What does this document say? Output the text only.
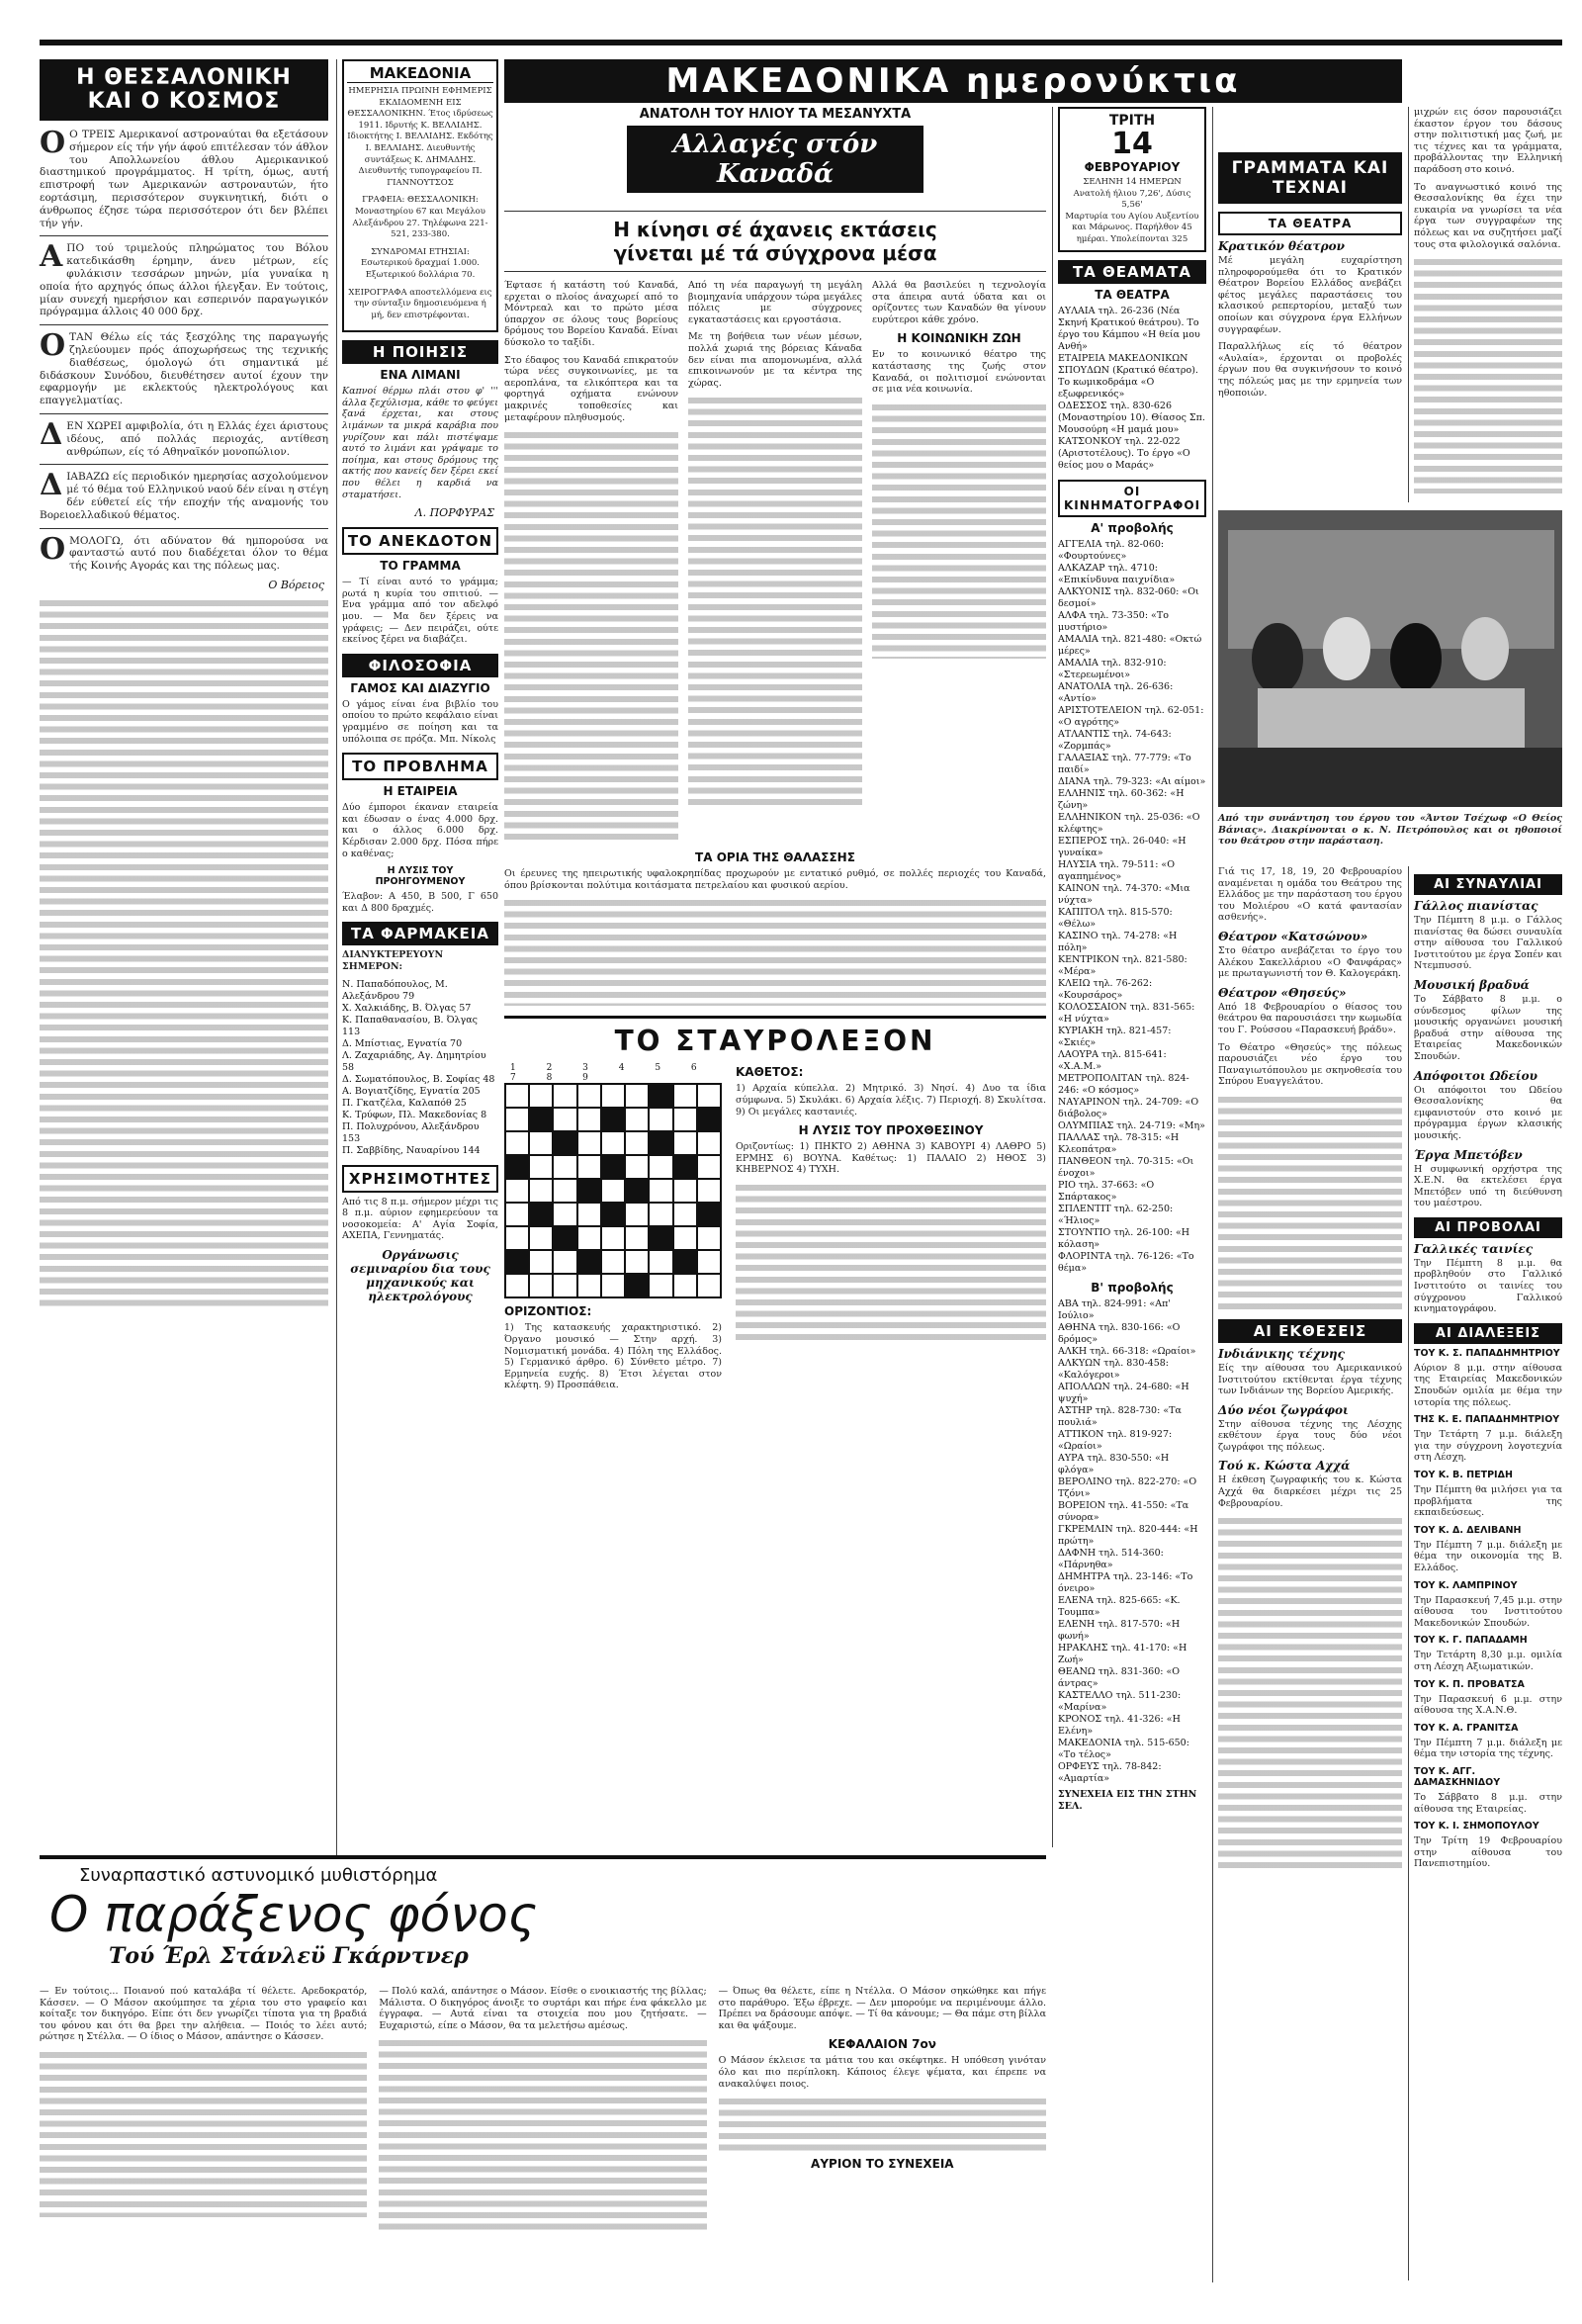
Η ΘΕΣΣΑΛΟΝΙΚΗ
ΚΑΙ Ο ΚΟΣΜΟΣ

Ο Ο ΤΡΕΙΣ Αμερικανοί αστροναύται θα εξετάσουν σήμερον είς τήν γήν άφού επιτέλεσαν τόν άθλον του Απολλωνείου άθλου Αμερικανικού διαστημικού προγράμματος. Η τρίτη, όμως, αυτή επιστροφή των Αμερικανών αστροναυτών, ήτο εορτάσιμη, περισσότερον συγκινητική, διότι ο άνθρωπος έζησε τώρα περισσότερον ότι δεν βλέπει τήν γήν.

ΑΠΟ τού τριμελούς πληρώματος του Βόλου κατεδικάσθη έρημην, άνευ μέτρων, είς φυλάκισιν τεσσάρων μηνών, μία γυναίκα η οποία ήτο αρχηγός όπως άλλοι ήλεγξαν. Εν τούτοις, μίαν συνεχή ημερήσιον και εσπερινόν παραγωγικόν πρόγραμμα άλλοις 40 000 δρχ.

ΟΤΑΝ Θέλω είς τάς ξεσχόλης της παραγωγής ζηλεύουμεν πρός άποχωρήσεως της τεχνικής διαθέσεως, όμολογώ ότι σημαντικά μέ διδάσκουν Συνόδου, διευθέτησεν αυτοί έχουν την εφαρμογήν με εκλεκτούς ηλεκτρολόγους και επαγγελματίας.

ΔΕΝ ΧΩΡΕΙ αμφιβολία, ότι η Ελλάς έχει άριστους ιδέους, από πολλάς περιοχάς, αντίθεση ανθρώπων, είς τό Αθηναϊκόν μονοπώλιον.

ΔΙΑΒΑΖΩ είς περιοδικόν ημερησίας ασχολούμενον μέ τό θέμα τού Ελληνικού ναού δέν είναι η στέγη δέν εύθετεί είς τήν εποχήν τής αναμονής του Βορειοελλαδικού θέματος.

ΟΜΟΛΟΓΩ, ότι αδύνατον θά ημπορούσα να φανταστώ αυτό που διαδέχεται όλον το θέμα τής Κοινής Αγοράς και της πόλεως μας.

Ο Βόρειος
ΜΑΚΕΔΟΝΙΑ

ΗΜΕΡΗΣΙΑ ΠΡΩΙΝΗ ΕΦΗΜΕΡΙΣ ΕΚΔΙΔΟΜΕΝΗ ΕΙΣ ΘΕΣΣΑΛΟΝΙΚΗΝ. Έτος ιδρύσεως 1911. Ιδρυτής Κ. ΒΕΛΛΙΔΗΣ. Ιδιοκτήτης Ι. ΒΕΛΛΙΔΗΣ. Εκδότης Ι. ΒΕΛΛΙΔΗΣ. Διευθυντής συντάξεως Κ. ΔΗΜΑΔΗΣ. Διευθυντής τυπογραφείου Π. ΓΙΑΝΝΟΥΤΣΟΣ

ΓΡΑΦΕΙΑ: ΘΕΣΣΑΛΟΝΙΚΗ: Μοναστηρίου 67 και Μεγάλου Αλεξάνδρου 27. Τηλέφωνα 221-521, 233-380.

ΣΥΝΔΡΟΜΑΙ ΕΤΗΣΙΑΙ: Εσωτερικού δραχμαί 1.000. Εξωτερικού δολλάρια 70.

ΧΕΙΡΟΓΡΑΦΑ αποστελλόμενα εις την σύνταξιν δημοσιευόμενα ή μή, δεν επιστρέφονται.

Η ΠΟΙΗΣΙΣ
ΕΝΑ ΛΙΜΑΝΙ

Καπνοί θέρμω πλάι στου φ' ''' άλλα ξεχύλισμα, κάθε το φεύγει ξανά έρχεται, και στους λιμάνων τα μικρά καράβια που γυρίζουν και πάλι πιστέψαμε αυτό το λιμάνι και γράψαμε το ποίημα, και στους δρόμους της ακτής που κανείς δεν ξέρει εκεί που θέλει η καρδιά να σταματήσει.

Λ. ΠΟΡΦΥΡΑΣ
ΤΟ ΑΝΕΚΔΟΤΟΝ
ΤΟ ΓΡΑΜΜΑ

— Τί είναι αυτό το γράμμα; ρωτά η κυρία του σπιτιού. — Ενα γράμμα από τον αδελφό μου. — Μα δεν ξέρεις να γράφεις; — Δεν πειράζει, ούτε εκείνος ξέρει να διαβάζει.

ΦΙΛΟΣΟΦΙΑ
ΓΑΜΟΣ ΚΑΙ ΔΙΑΖΥΓΙΟ

Ο γάμος είναι ένα βιβλίο του οποίου το πρώτο κεφάλαιο είναι γραμμένο σε ποίηση και τα υπόλοιπα σε πρόζα. Μπ. Νίκολς

ΤΟ ΠΡΟΒΛΗΜΑ
Η ΕΤΑΙΡΕΙΑ

Δύο έμποροι έκαναν εταιρεία και έδωσαν ο ένας 4.000 δρχ. και ο άλλος 6.000 δρχ. Κέρδισαν 2.000 δρχ. Πόσα πήρε ο καθένας;

Η ΛΥΣΙΣ ΤΟΥ ΠΡΟΗΓΟΥΜΕΝΟΥ

Έλαβον: Α 450, Β 500, Γ 650 και Δ 800 δραχμές.

ΤΑ ΦΑΡΜΑΚΕΙΑ

ΔΙΑΝΥΚΤΕΡΕΥΟΥΝ ΣΗΜΕΡΟΝ:

Ν. Παπαδόπουλος, Μ. Αλεξάνδρου 79

Χ. Χαλκιάδης, Β. Όλγας 57

Κ. Παπαθανασίου, Β. Όλγας 113

Δ. Μπίστιας, Εγνατία 70

Λ. Ζαχαριάδης, Αγ. Δημητρίου 58

Δ. Σωματόπουλος, Β. Σοφίας 48

Α. Βογιατζίδης, Εγνατία 205

Π. Γκατζέλα, Καλαπόθ 25

Κ. Τρύφων, Πλ. Μακεδονίας 8

Π. Πολυχρόνου, Αλεξάνδρου 153

Π. Σαββίδης, Ναυαρίνου 144

ΧΡΗΣΙΜΟΤΗΤΕΣ

Από τις 8 π.μ. σήμερον μέχρι τις 8 π.μ. αύριον εφημερεύουν τα νοσοκομεία: Α' Αγία Σοφία, ΑΧΕΠΑ, Γεννηματάς.

Οργάνωσις σεμιναρίου δια τους μηχανικούς και ηλεκτρολόγους
ΜΑΚΕΔΟΝΙΚΑ ημερονύκτια
ΑΝΑΤΟΛΗ ΤΟΥ ΗΛΙΟΥ ΤΑ ΜΕΣΑΝΥΧΤΑ
Αλλαγές στόν Καναδά
Η κίνησι σέ άχανεις εκτάσεις
γίνεται μέ τά σύγχρονα μέσα

Έφτασε ή κατάστη τού Καναδά, ερχεται ο πλοίος άναχωρεί από το Μόντρεαλ και το πρώτο μέσα ύπαρχον σε όλους τους βορείους δρόμους του Βορείου Καναδά. Είναι δύσκολο το ταξίδι.

Στο έδαφος του Καναδά επικρατούν τώρα νέες συγκοινωνίες, με τα αεροπλάνα, τα ελικόπτερα και τα φορτηγά οχήματα ενώνουν μακρινές τοποθεσίες και μεταφέρουν πληθυσμούς.

Από τη νέα παραγωγή τη μεγάλη βιομηχανία υπάρχουν τώρα μεγάλες πόλεις με σύγχρονες εγκαταστάσεις και εργοστάσια.

Με τη βοήθεια των νέων μέσων, πολλά χωριά της βόρειας Κάναδα δεν είναι πια απομονωμένα, αλλά επικοινωνούν με τα κέντρα της χώρας.

Αλλά θα βασιλεύει η τεχνολογία στα άπειρα αυτά ύδατα και οι ορίζοντες των Καναδών θα γίνουν ευρύτεροι κάθε χρόνο.

Η ΚΟΙΝΩΝΙΚΗ ΖΩΗ

Εν το κοινωνικό θέατρο της κατάστασης της ζωής στον Καναδά, οι πολιτισμοί ενώνονται σε μια νέα κοινωνία.

ΤΑ ΟΡΙΑ ΤΗΣ ΘΑΛΑΣΣΗΣ

Οι έρευνες της ηπειρωτικής υφαλοκρηπίδας προχωρούν με εντατικό ρυθμό, σε πολλές περιοχές του Καναδά, όπου βρίσκονται πολύτιμα κοιτάσματα πετρελαίου και φυσικού αερίου.

ΤΟ ΣΤΑΥΡΟΛΕΞΟΝ
1 2 3 4 5 6 7 8 9
ΟΡΙΖΟΝΤΙΟΣ:

1) Της κατασκευής χαρακτηριστικό. 2) Όργανο μουσικό — Στην αρχή. 3) Νομισματική μονάδα. 4) Πόλη της Ελλάδος. 5) Γερμανικό άρθρο. 6) Σύνθετο μέτρο. 7) Ερμηνεία ευχής. 8) Έτσι λέγεται στον κλέφτη. 9) Προσπάθεια.

ΚΑΘΕΤΟΣ:

1) Αρχαία κύπελλα. 2) Μητρικό. 3) Νησί. 4) Δυο τα ίδια σύμφωνα. 5) Σκυλάκι. 6) Αρχαία λέξις. 7) Περιοχή. 8) Σκυλίτσα. 9) Οι μεγάλες καστανιές.

Η ΛΥΣΙΣ ΤΟΥ ΠΡΟΧΘΕΣΙΝΟΥ

Οριζοντίως: 1) ΠΗΚΤΟ 2) ΑΘΗΝΑ 3) ΚΑΒΟΥΡΙ 4) ΛΑΘΡΟ 5) ΕΡΜΗΣ 6) ΒΟΥΝΑ. Καθέτως: 1) ΠΑΛΑΙΟ 2) ΗΘΟΣ 3) ΚΗΒΕΡΝΟΣ 4) ΤΥΧΗ.

ΤΡΙΤΗ
14
ΦΕΒΡΟΥΑΡΙΟΥ

ΣΕΛΗΝΗ 14 ΗΜΕΡΩΝ

Ανατολή ήλιου 7,26', Δύσις 5,56'

Μαρτυρία του Αγίου Αυξεντίου και Μάρωνος. Παρήλθον 45 ημέραι. Υπολείπονται 325

ΤΑ ΘΕΑΜΑΤΑ
ΤΑ ΘΕΑΤΡΑ

ΑΥΛΑΙΑ τηλ. 26-236 (Νέα Σκηνή Κρατικού θεάτρου). Το έργο του Κάμπου «Η θεία μου Ανθή»

ΕΤΑΙΡΕΙΑ ΜΑΚΕΔΟΝΙΚΩΝ ΣΠΟΥΔΩΝ (Κρατικό θέατρο). Το κωμικοδράμα «Ο εξωφρενικός»

ΟΔΕΣΣΟΣ τηλ. 830-626 (Μοναστηρίου 10). Θίασος Σπ. Μουσούρη «Η μαμά μου»

ΚΑΤΣΟΝΚΟΥ τηλ. 22-022 (Αριστοτέλους). Το έργο «Ο θείος μου ο Μαράς»

ΟΙ ΚΙΝΗΜΑΤΟΓΡΑΦΟΙ
Α' προβολής

ΑΓΓΕΛΙΑ τηλ. 82-060: «Φουρτούνες»

ΑΛΚΑΖΑΡ τηλ. 4710: «Επικίνδυνα παιχνίδια»

ΑΛΚΥΟΝΙΣ τηλ. 832-060: «Οι δεσμοί»

ΑΛΦΑ τηλ. 73-350: «Το μυστήριο»

ΑΜΑΛΙΑ τηλ. 821-480: «Οκτώ μέρες»

ΑΜΑΛΙΑ τηλ. 832-910: «Στερεωμένοι»

ΑΝΑΤΟΛΙΑ τηλ. 26-636: «Αντίο»

ΑΡΙΣΤΟΤΕΛΕΙΟΝ τηλ. 62-051: «Ο αγρότης»

ΑΤΛΑΝΤΙΣ τηλ. 74-643: «Ζορμπάς»

ΓΑΛΑΞΙΑΣ τηλ. 77-779: «Το παιδί»

ΔΙΑΝΑ τηλ. 79-323: «Αι αίμοι»

ΕΛΛΗΝΙΣ τηλ. 60-362: «Η ζώνη»

ΕΛΛΗΝΙΚΟΝ τηλ. 25-036: «Ο κλέφτης»

ΕΣΠΕΡΟΣ τηλ. 26-040: «Η γυναίκα»

ΗΛΥΣΙΑ τηλ. 79-511: «Ο αγαπημένος»

ΚΑΙΝΟΝ τηλ. 74-370: «Μια νύχτα»

ΚΑΠΙΤΟΛ τηλ. 815-570: «Θέλω»

ΚΑΣΙΝΟ τηλ. 74-278: «Η πόλη»

ΚΕΝΤΡΙΚΟΝ τηλ. 821-580: «Μέρα»

ΚΛΕΙΩ τηλ. 76-262: «Κουρσάρος»

ΚΟΛΟΣΣΑΙΟΝ τηλ. 831-565: «Η νύχτα»

ΚΥΡΙΑΚΗ τηλ. 821-457: «Σκιές»

ΛΑΟΥΡΑ τηλ. 815-641: «Χ.Α.Μ.»

ΜΕΤΡΟΠΟΛΙΤΑΝ τηλ. 824-246: «Ο κόσμος»

ΝΑΥΑΡΙΝΟΝ τηλ. 24-709: «Ο διάβολος»

ΟΛΥΜΠΙΑΣ τηλ. 24-719: «Μη»

ΠΑΛΛΑΣ τηλ. 78-315: «Η Κλεοπάτρα»

ΠΑΝΘΕΟΝ τηλ. 70-315: «Οι ένοχοι»

ΡΙΟ τηλ. 37-663: «Ο Σπάρτακος»

ΣΠΛΕΝΤΙΤ τηλ. 62-250: «Ήλιος»

ΣΤΟΥΝΤΙΟ τηλ. 26-100: «Η κόλαση»

ΦΛΟΡΙΝΤΑ τηλ. 76-126: «Το θέμα»

Β' προβολής

ΑΒΑ τηλ. 824-991: «Απ' Ιούλιο»

ΑΘΗΝΑ τηλ. 830-166: «Ο δρόμος»

ΑΛΚΗ τηλ. 66-318: «Ωραίοι»

ΑΛΚΥΩΝ τηλ. 830-458: «Καλόγεροι»

ΑΠΟΛΛΩΝ τηλ. 24-680: «Η ψυχή»

ΑΣΤΗΡ τηλ. 828-730: «Τα πουλιά»

ΑΤΤΙΚΟΝ τηλ. 819-927: «Ωραίοι»

ΑΥΡΑ τηλ. 830-550: «Η φλόγα»

ΒΕΡΟΛΙΝΟ τηλ. 822-270: «Ο Τζόνι»

ΒΟΡΕΙΟΝ τηλ. 41-550: «Τα σύνορα»

ΓΚΡΕΜΛΙΝ τηλ. 820-444: «Η πρώτη»

ΔΑΦΝΗ τηλ. 514-360: «Πάρνηθα»

ΔΗΜΗΤΡΑ τηλ. 23-146: «Το όνειρο»

ΕΛΕΝΑ τηλ. 825-665: «Κ. Τουμπα»

ΕΛΕΝΗ τηλ. 817-570: «Η φωνή»

ΗΡΑΚΛΗΣ τηλ. 41-170: «Η Ζωή»

ΘΕΑΝΩ τηλ. 831-360: «Ο άντρας»

ΚΑΣΤΕΛΛΟ τηλ. 511-230: «Μαρίνα»

ΚΡΟΝΟΣ τηλ. 41-326: «Η Ελένη»

ΜΑΚΕΔΟΝΙΑ τηλ. 515-650: «Το τέλος»

ΟΡΦΕΥΣ τηλ. 78-842: «Αμαρτία»

ΣΥΝΕΧΕΙΑ ΕΙΣ ΤΗΝ ΣΤΗΝ ΣΕΛ.

ΓΡΑΜΜΑΤΑ ΚΑΙ ΤΕΧΝΑΙ
ΤΑ ΘΕΑΤΡΑ
Κρατικόν θέατρον

Μέ μεγάλη ευχαρίστηση πληροφορούμεθα ότι το Κρατικόν Θέατρον Βορείου Ελλάδος ανεβάζει φέτος μεγάλες παραστάσεις του κλασικού ρεπερτορίου, μεταξύ των οποίων και σύγχρονα έργα Ελλήνων συγγραφέων.

Παραλλήλως είς τό θέατρον «Αυλαία», έρχονται οι προβολές έργων που θα συγκινήσουν το κοινό της πόλεώς μας με την ερμηνεία των ηθοποιών.

Από την συνάντηση του έργου του «Άντον Τσέχωφ «Ο Θείος Βάνιας». Διακρίνονται ο κ. Ν. Πετρόπουλος και οι ηθοποιοί του θεάτρου στην παράσταση.

Γιά τις 17, 18, 19, 20 Φεβρουαρίου αναμένεται η ομάδα του Θεάτρου της Ελλάδος με την παράσταση του έργου του Μολιέρου «Ο κατά φαντασίαν ασθενής».

Θέατρον «Κατσώνου»

Στο θέατρο ανεβάζεται το έργο του Αλέκου Σακελλάριου «Ο Φανφάρας» με πρωταγωνιστή τον Θ. Καλογεράκη.

Θέατρον «Θησεύς»

Από 18 Φεβρουαρίου ο θίασος του θεάτρου θα παρουσιάσει την κωμωδία του Γ. Ρούσσου «Παρασκευή βράδυ».

Το Θέατρο «Θησεύς» της πόλεως παρουσιάζει νέο έργο του Παναγιωτόπουλου με σκηνοθεσία του Σπύρου Ευαγγελάτου.

ΑΙ ΕΚΘΕΣΕΙΣ
Ινδιάνικης τέχνης

Είς την αίθουσα του Αμερικανικού Ινστιτούτου εκτίθενται έργα τέχνης των Ινδιάνων της Βορείου Αμερικής.

Δύο νέοι ζωγράφοι

Στην αίθουσα τέχνης της Λέσχης εκθέτουν έργα τους δύο νέοι ζωγράφοι της πόλεως.

Τού κ. Κώστα Αχχά

Η έκθεση ζωγραφικής του κ. Κώστα Αχχά θα διαρκέσει μέχρι τις 25 Φεβρουαρίου.

μιχρών εις όσον παρουσιάζει έκαστον έργον του δάσους στην πολιτιστική μας ζωή, με τις τέχνες και τα γράμματα, προβάλλοντας την Ελληνική παράδοση στο κοινό.

Το αναγνωστικό κοινό της Θεσσαλονίκης θα έχει την ευκαιρία να γνωρίσει τα νέα έργα των συγγραφέων της πόλεως και να συζητήσει μαζί τους στα φιλολογικά σαλόνια.

ΑΙ ΣΥΝΑΥΛΙΑΙ
Γάλλος πιανίστας

Την Πέμπτη 8 μ.μ. ο Γάλλος πιανίστας θα δώσει συναυλία στην αίθουσα του Γαλλικού Ινστιτούτου με έργα Σοπέν και Ντεμπυσσύ.

Μουσική βραδυά

Το Σάββατο 8 μ.μ. ο σύνδεσμος φίλων της μουσικής οργανώνει μουσική βραδυά στην αίθουσα της Εταιρείας Μακεδονικών Σπουδών.

Απόφοιτοι Ωδείου

Οι απόφοιτοι του Ωδείου Θεσσαλονίκης θα εμφανιστούν στο κοινό με πρόγραμμα έργων κλασικής μουσικής.

Έργα Μπετόβεν

Η συμφωνική ορχήστρα της Χ.Ε.Ν. θα εκτελέσει έργα Μπετόβεν υπό τη διεύθυνση του μαέστρου.

ΑΙ ΠΡΟΒΟΛΑΙ
Γαλλικές ταινίες

Την Πέμπτη 8 μ.μ. θα προβληθούν στο Γαλλικό Ινστιτούτο οι ταινίες του σύγχρονου Γαλλικού κινηματογράφου.

ΑΙ ΔΙΑΛΕΞΕΙΣ
ΤΟΥ Κ. Σ. ΠΑΠΑΔΗΜΗΤΡΙΟΥ

Αύριον 8 μ.μ. στην αίθουσα της Εταιρείας Μακεδονικών Σπουδών ομιλία με θέμα την ιστορία της πόλεως.

ΤΗΣ Κ. Ε. ΠΑΠΑΔΗΜΗΤΡΙΟΥ

Την Τετάρτη 7 μ.μ. διάλεξη για την σύγχρονη λογοτεχνία στη Λέσχη.

ΤΟΥ Κ. Β. ΠΕΤΡΙΔΗ

Την Πέμπτη θα μιλήσει για τα προβλήματα της εκπαιδεύσεως.

ΤΟΥ Κ. Δ. ΔΕΛΙΒΑΝΗ

Την Πέμπτη 7 μ.μ. διάλεξη με θέμα την οικονομία της Β. Ελλάδος.

ΤΟΥ Κ. ΛΑΜΠΡΙΝΟΥ

Την Παρασκευή 7,45 μ.μ. στην αίθουσα του Ινστιτούτου Μακεδονικών Σπουδών.

ΤΟΥ Κ. Γ. ΠΑΠΑΔΑΜΗ

Την Τετάρτη 8,30 μ.μ. ομιλία στη Λέσχη Αξιωματικών.

ΤΟΥ Κ. Π. ΠΡΟΒΑΤΣΑ

Την Παρασκευή 6 μ.μ. στην αίθουσα της Χ.Α.Ν.Θ.

ΤΟΥ Κ. Α. ΓΡΑΝΙΤΣΑ

Την Πέμπτη 7 μ.μ. διάλεξη με θέμα την ιστορία της τέχνης.

ΤΟΥ Κ. ΑΓΓ. ΔΑΜΑΣΚΗΝΙΔΟΥ

Το Σάββατο 8 μ.μ. στην αίθουσα της Εταιρείας.

ΤΟΥ Κ. Ι. ΣΗΜΟΠΟΥΛΟΥ

Την Τρίτη 19 Φεβρουαρίου στην αίθουσα του Πανεπιστημίου.

Συναρπαστικό αστυνομικό μυθιστόρημα
Ο παράξενος φόνος
Τού Έρλ Στάνλεϋ Γκάρντνερ

— Εν τούτοις... Ποιανού πού καταλάβα τί θέλετε. Αρεδοκρατόρ, Κάσσεν. — Ο Μάσον ακούμπησε τα χέρια του στο γραφείο και κοίταξε τον δικηγόρο. Είπε ότι δεν γνωρίζει τίποτα για τη βραδιά του φόνου και ότι θα βρει την αλήθεια. — Ποιός το λέει αυτό; ρώτησε η Στέλλα. — Ο ίδιος ο Μάσον, απάντησε ο Κάσσεν.

— Πολύ καλά, απάντησε ο Μάσον. Είσθε ο ενοικιαστής της βίλλας; Μάλιστα. Ο δικηγόρος άνοιξε το συρτάρι και πήρε ένα φάκελλο με έγγραφα. — Αυτά είναι τα στοιχεία που μου ζητήσατε. — Ευχαριστώ, είπε ο Μάσον, θα τα μελετήσω αμέσως.

— Όπως θα θέλετε, είπε η Ντέλλα. Ο Μάσον σηκώθηκε και πήγε στο παράθυρο. Έξω έβρεχε. — Δεν μπορούμε να περιμένουμε άλλο. Πρέπει να δράσουμε απόψε. — Τί θα κάνουμε; — Θα πάμε στη βίλλα και θα ψάξουμε.

ΚΕΦΑΛΑΙΟΝ 7ον

Ο Μάσον έκλεισε τα μάτια του και σκέφτηκε. Η υπόθεση γινόταν όλο και πιο περίπλοκη. Κάποιος έλεγε ψέματα, και έπρεπε να ανακαλύψει ποιος.

ΑΥΡΙΟΝ ΤΟ ΣΥΝΕΧΕΙΑ
